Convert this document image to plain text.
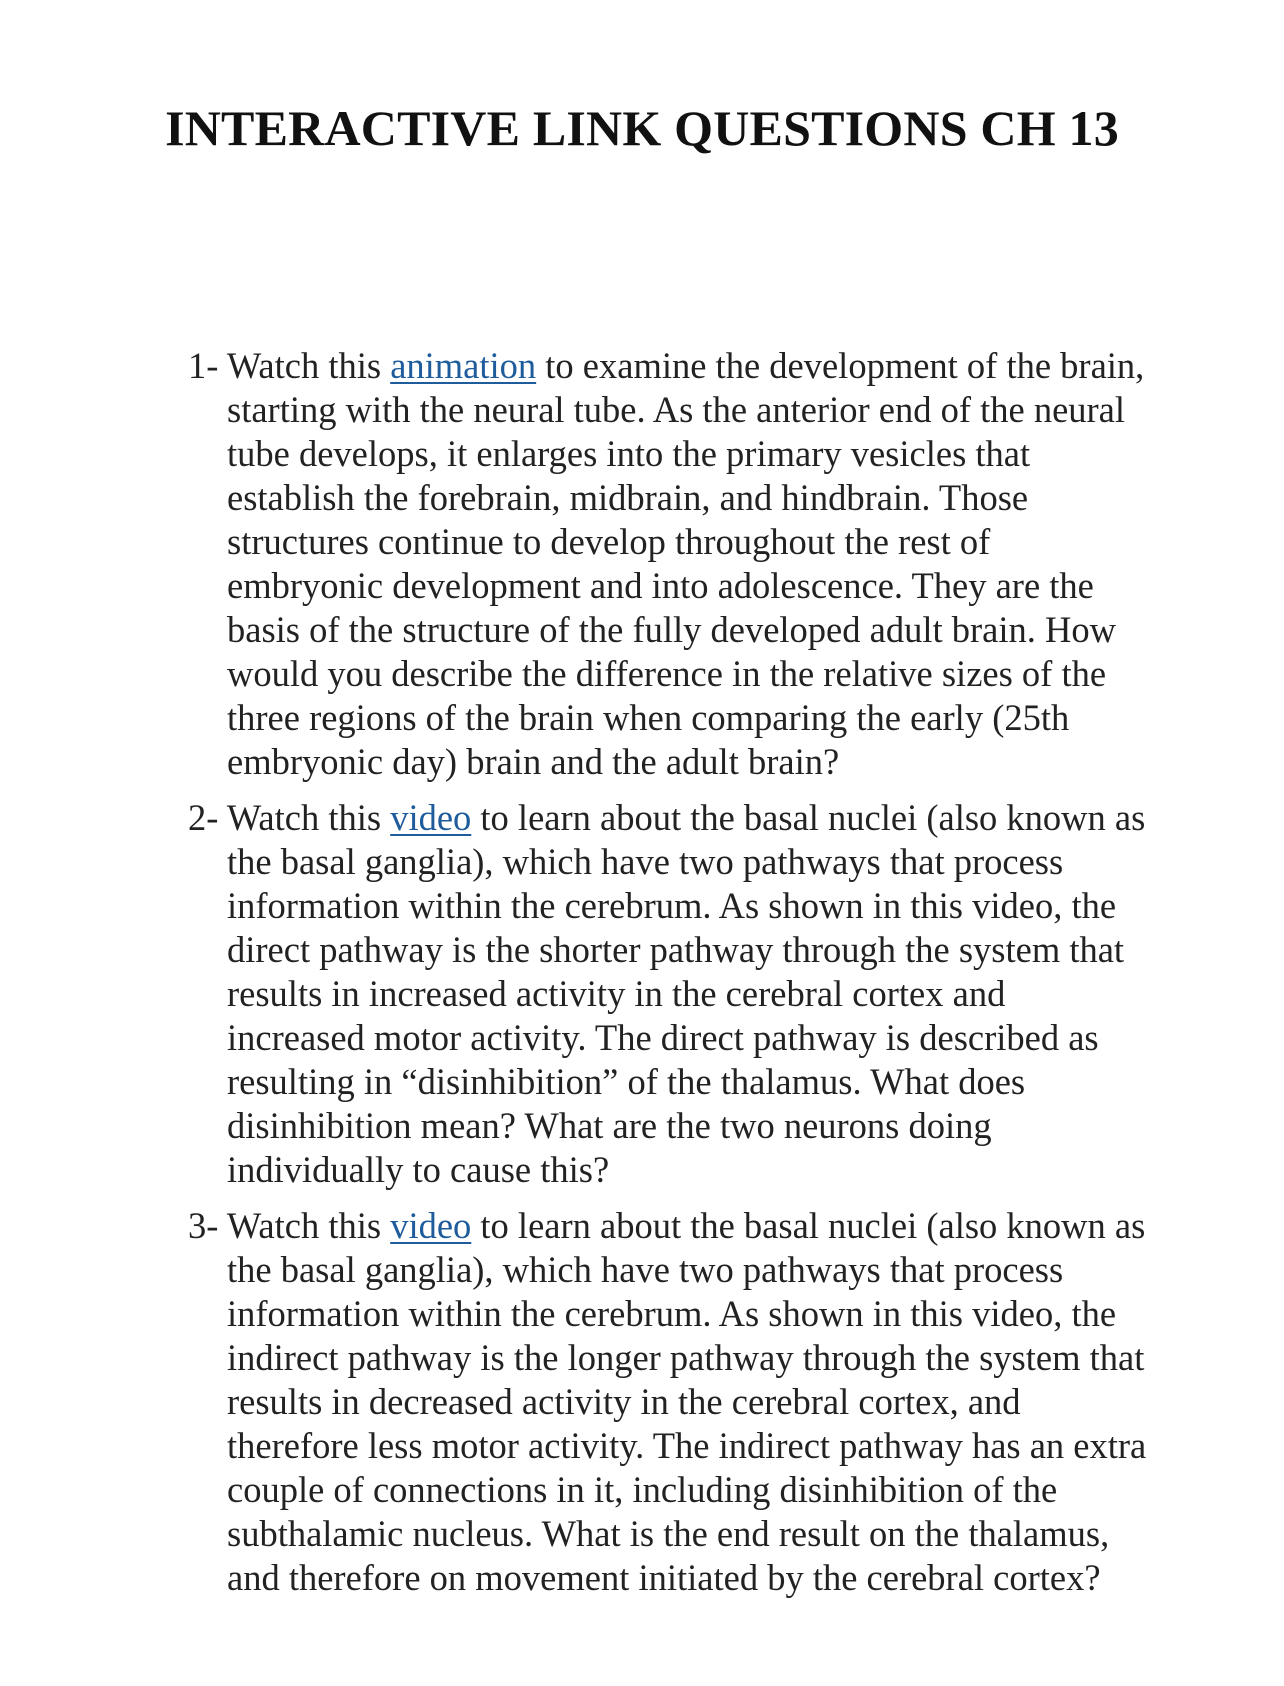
INTERACTIVE LINK QUESTIONS CH 13
1- Watch this animation to examine the development of the brain, starting with the neural tube. As the anterior end of the neural tube develops, it enlarges into the primary vesicles that establish the forebrain, midbrain, and hindbrain. Those structures continue to develop throughout the rest of embryonic development and into adolescence. They are the basis of the structure of the fully developed adult brain. How would you describe the difference in the relative sizes of the three regions of the brain when comparing the early (25th embryonic day) brain and the adult brain?
2- Watch this video to learn about the basal nuclei (also known as the basal ganglia), which have two pathways that process information within the cerebrum. As shown in this video, the direct pathway is the shorter pathway through the system that results in increased activity in the cerebral cortex and increased motor activity. The direct pathway is described as resulting in “disinhibition” of the thalamus. What does disinhibition mean? What are the two neurons doing individually to cause this?
3- Watch this video to learn about the basal nuclei (also known as the basal ganglia), which have two pathways that process information within the cerebrum. As shown in this video, the indirect pathway is the longer pathway through the system that results in decreased activity in the cerebral cortex, and therefore less motor activity. The indirect pathway has an extra couple of connections in it, including disinhibition of the subthalamic nucleus. What is the end result on the thalamus, and therefore on movement initiated by the cerebral cortex?
